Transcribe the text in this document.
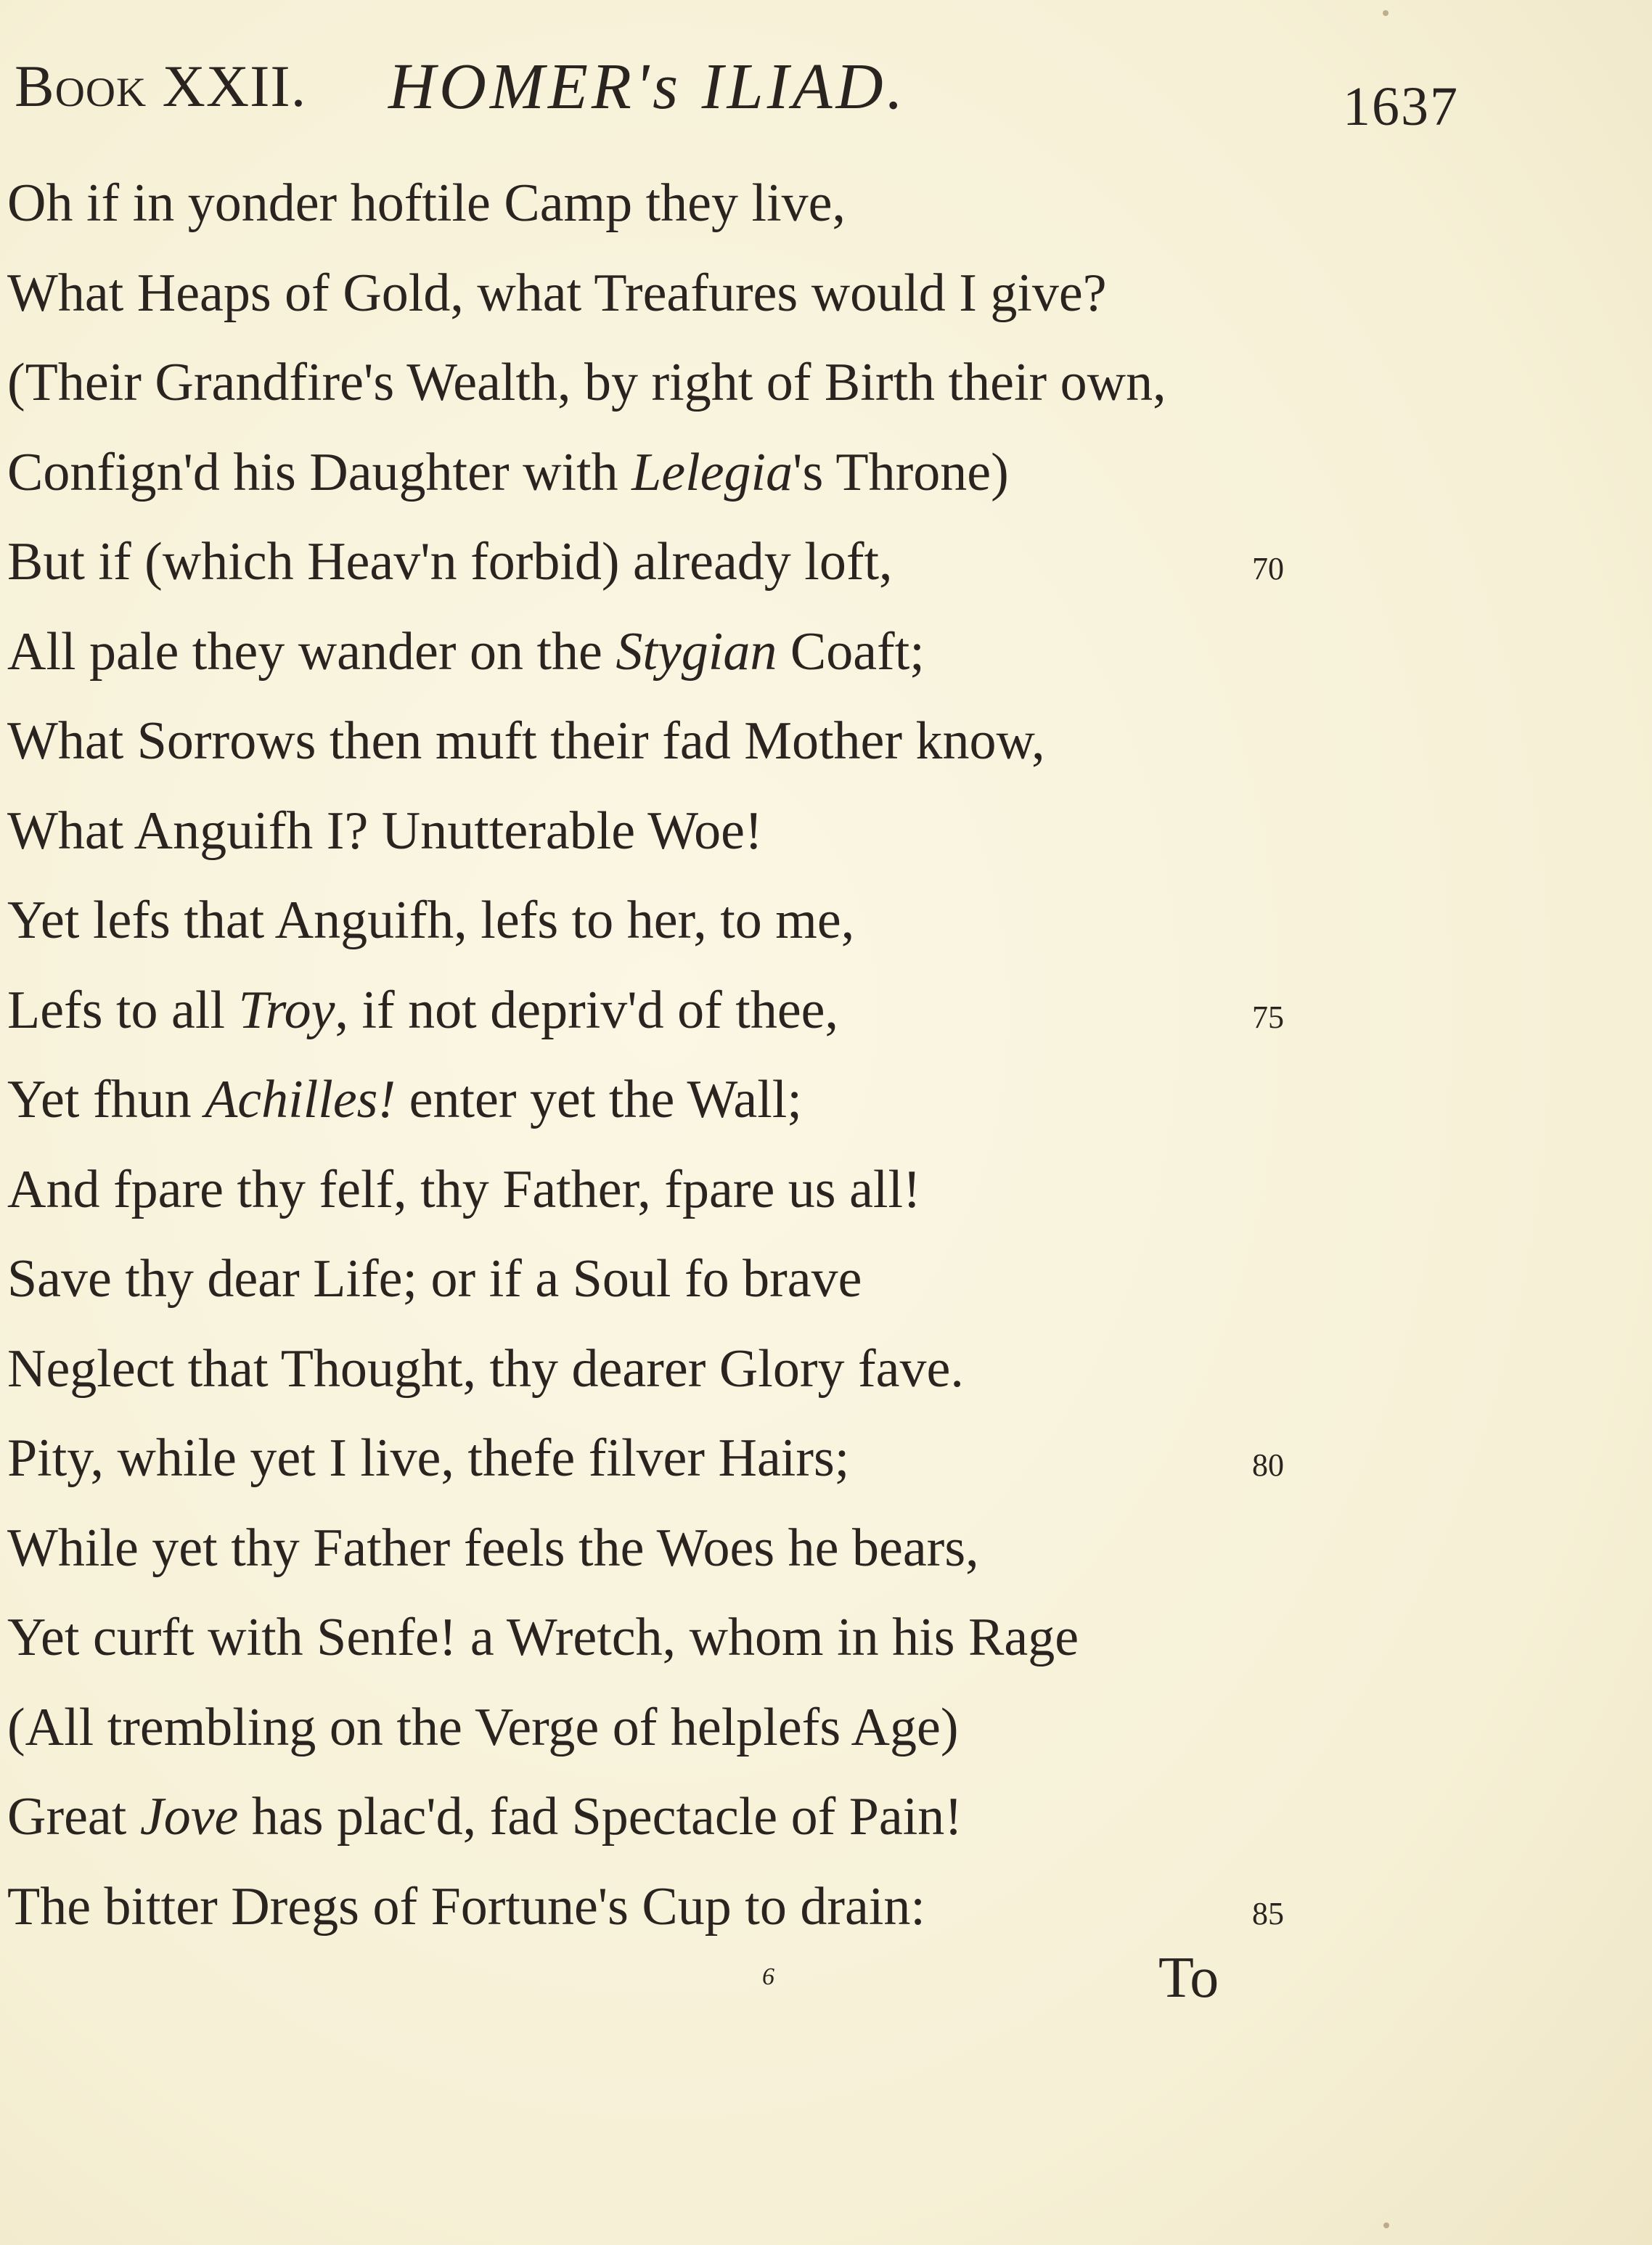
Book XXII. HOMER's ILIAD.	1637
Oh if in yonder hoftile Camp they live,
What Heaps of Gold, what Treafures would I give?
(Their Grandfire's Wealth, by right of Birth their own,
Confign'd his Daughter with Lelegia's Throne)
But if (which Heav'n forbid) already loft,	70
All pale they wander on the Stygian Coaft;
What Sorrows then muft their fad Mother know,
What Anguifh I? Unutterable Woe!
Yet lefs that Anguifh, lefs to her, to me,
Lefs to all Troy, if not depriv'd of thee,	75
Yet fhun Achilles! enter yet the Wall;
And fpare thy felf, thy Father, fpare us all!
Save thy dear Life; or if a Soul fo brave
Neglect that Thought, thy dearer Glory fave.
Pity, while yet I live, thefe filver Hairs;	80
While yet thy Father feels the Woes he bears,
Yet curft with Senfe! a Wretch, whom in his Rage
(All trembling on the Verge of helplefs Age)
Great Jove has plac'd, fad Spectacle of Pain!
The bitter Dregs of Fortune's Cup to drain:	85
6	To
